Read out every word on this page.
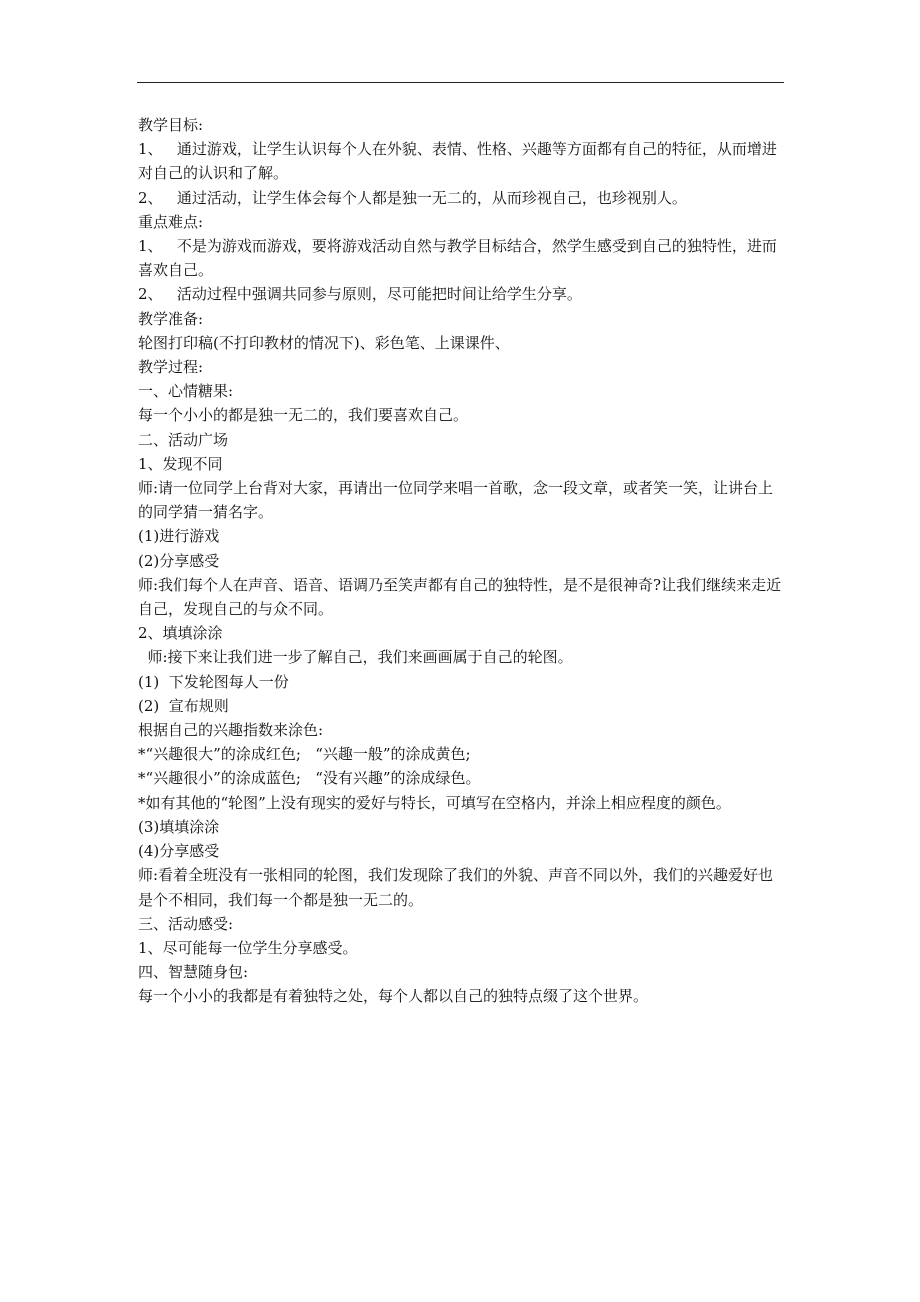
教学目标:

1、   通过游戏，让学生认识每个人在外貌、表情、性格、兴趣等方面都有自己的特征，从而增进对自己的认识和了解。

2、   通过活动，让学生体会每个人都是独一无二的，从而珍视自己，也珍视别人。

重点难点:

1、   不是为游戏而游戏，要将游戏活动自然与教学目标结合，然学生感受到自己的独特性，进而喜欢自己。

2、   活动过程中强调共同参与原则，尽可能把时间让给学生分享。

教学准备:

轮图打印稿(不打印教材的情况下)、彩色笔、上课课件、

教学过程:

一、心情糖果:

每一个小小的都是独一无二的，我们要喜欢自己。

二、活动广场

1、发现不同

师:请一位同学上台背对大家，再请出一位同学来唱一首歌，念一段文章，或者笑一笑，让讲台上的同学猜一猜名字。

(1)进行游戏

(2)分享感受

师:我们每个人在声音、语音、语调乃至笑声都有自己的独特性，是不是很神奇?让我们继续来走近自己，发现自己的与众不同。

2、填填涂涂

师:接下来让我们进一步了解自己，我们来画画属于自己的轮图。

(1)  下发轮图每人一份

(2)  宣布规则

根据自己的兴趣指数来涂色:

*“兴趣很大”的涂成红色;   “兴趣一般”的涂成黄色;

*“兴趣很小”的涂成蓝色;   “没有兴趣”的涂成绿色。

*如有其他的“轮图”上没有现实的爱好与特长，可填写在空格内，并涂上相应程度的颜色。

(3)填填涂涂

(4)分享感受

师:看着全班没有一张相同的轮图，我们发现除了我们的外貌、声音不同以外，我们的兴趣爱好也是个不相同，我们每一个都是独一无二的。

三、活动感受:

1、尽可能每一位学生分享感受。

四、智慧随身包:

每一个小小的我都是有着独特之处，每个人都以自己的独特点缀了这个世界。
